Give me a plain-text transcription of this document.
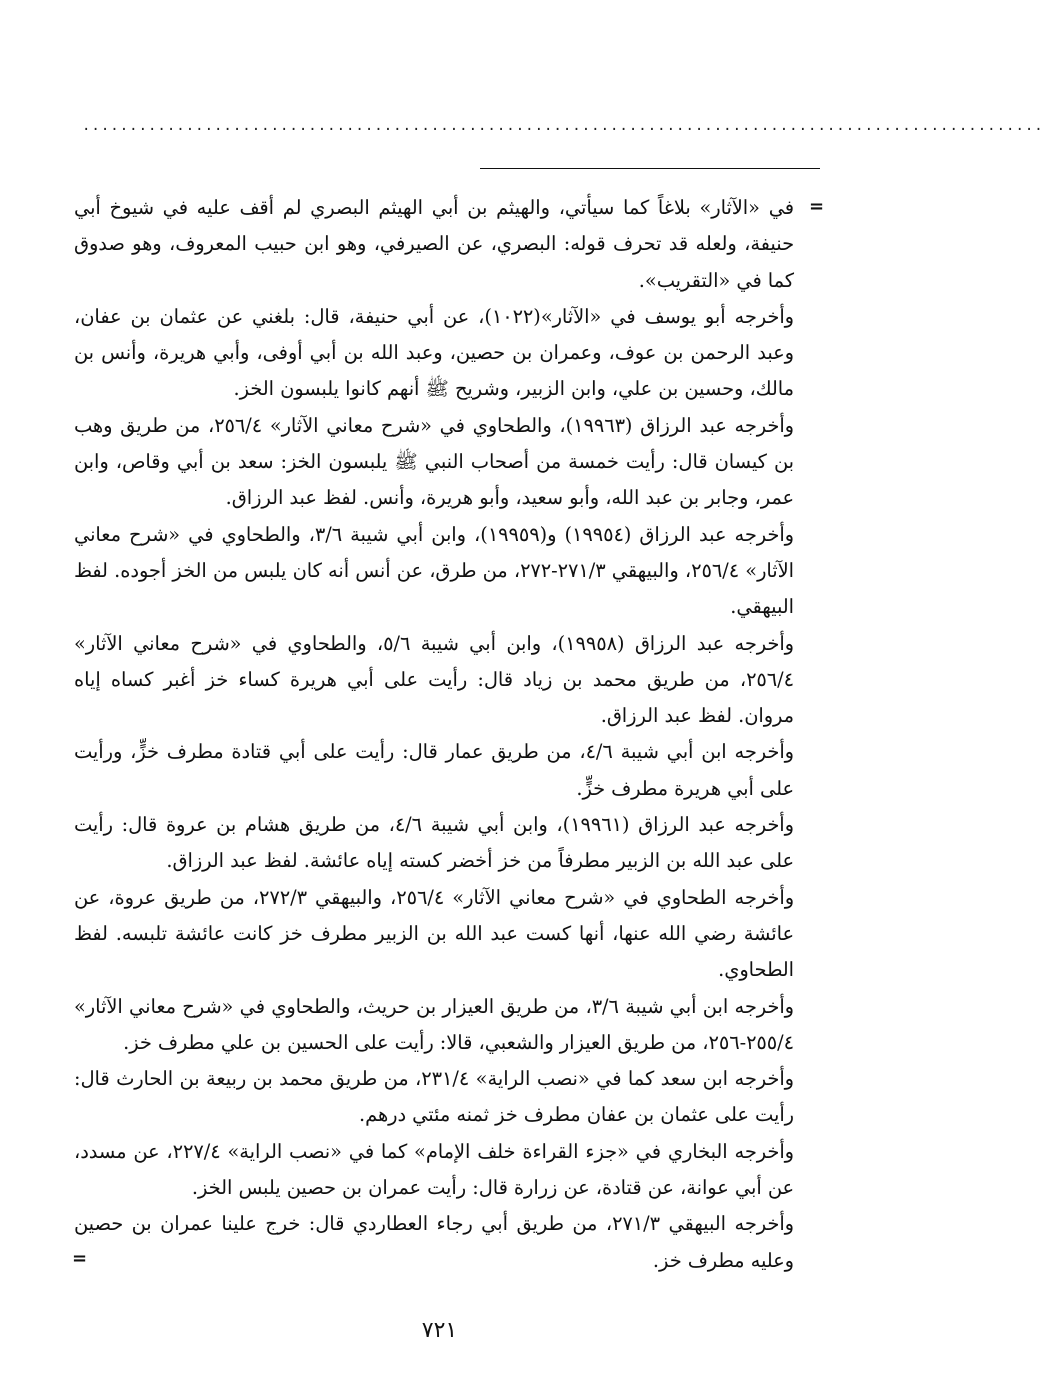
......................................................................................................
=

في «الآثار» بلاغاً كما سيأتي، والهيثم بن أبي الهيثم البصري لم أقف عليه في شيوخ أبي حنيفة، ولعله قد تحرف قوله: البصري، عن الصيرفي، وهو ابن حبيب المعروف، وهو صدوق كما في «التقريب».

وأخرجه أبو يوسف في «الآثار»(١٠٢٢)، عن أبي حنيفة، قال: بلغني عن عثمان بن عفان، وعبد الرحمن بن عوف، وعمران بن حصين، وعبد الله بن أبي أوفى، وأبي هريرة، وأنس بن مالك، وحسين بن علي، وابن الزبير، وشريح ﷺ أنهم كانوا يلبسون الخز.

وأخرجه عبد الرزاق (١٩٩٦٣)، والطحاوي في «شرح معاني الآثار» ٢٥٦/٤، من طريق وهب بن كيسان قال: رأيت خمسة من أصحاب النبي ﷺ يلبسون الخز: سعد بن أبي وقاص، وابن عمر، وجابر بن عبد الله، وأبو سعيد، وأبو هريرة، وأنس. لفظ عبد الرزاق.

وأخرجه عبد الرزاق (١٩٩٥٤) و(١٩٩٥٩)، وابن أبي شيبة ٣/٦، والطحاوي في «شرح معاني الآثار» ٢٥٦/٤، والبيهقي ٢٧١/٣-٢٧٢، من طرق، عن أنس أنه كان يلبس من الخز أجوده. لفظ البيهقي.

وأخرجه عبد الرزاق (١٩٩٥٨)، وابن أبي شيبة ٥/٦، والطحاوي في «شرح معاني الآثار» ٢٥٦/٤، من طريق محمد بن زياد قال: رأيت على أبي هريرة كساء خز أغبر كساه إياه مروان. لفظ عبد الرزاق.

وأخرجه ابن أبي شيبة ٤/٦، من طريق عمار قال: رأيت على أبي قتادة مطرف خزٍّ، ورأيت على أبي هريرة مطرف خزٍّ.

وأخرجه عبد الرزاق (١٩٩٦١)، وابن أبي شيبة ٤/٦، من طريق هشام بن عروة قال: رأيت على عبد الله بن الزبير مطرفاً من خز أخضر كسته إياه عائشة. لفظ عبد الرزاق.

وأخرجه الطحاوي في «شرح معاني الآثار» ٢٥٦/٤، والبيهقي ٢٧٢/٣، من طريق عروة، عن عائشة رضي الله عنها، أنها كست عبد الله بن الزبير مطرف خز كانت عائشة تلبسه. لفظ الطحاوي.

وأخرجه ابن أبي شيبة ٣/٦، من طريق العيزار بن حريث، والطحاوي في «شرح معاني الآثار» ٢٥٥/٤-٢٥٦، من طريق العيزار والشعبي، قالا: رأيت على الحسين بن علي مطرف خز.

وأخرجه ابن سعد كما في «نصب الراية» ٢٣١/٤، من طريق محمد بن ربيعة بن الحارث قال: رأيت على عثمان بن عفان مطرف خز ثمنه مئتي درهم.

وأخرجه البخاري في «جزء القراءة خلف الإمام» كما في «نصب الراية» ٢٢٧/٤، عن مسدد، عن أبي عوانة، عن قتادة، عن زرارة قال: رأيت عمران بن حصين يلبس الخز.

وأخرجه البيهقي ٢٧١/٣، من طريق أبي رجاء العطاردي قال: خرج علينا عمران بن حصين وعليه مطرف خز.

=
٧٢١
